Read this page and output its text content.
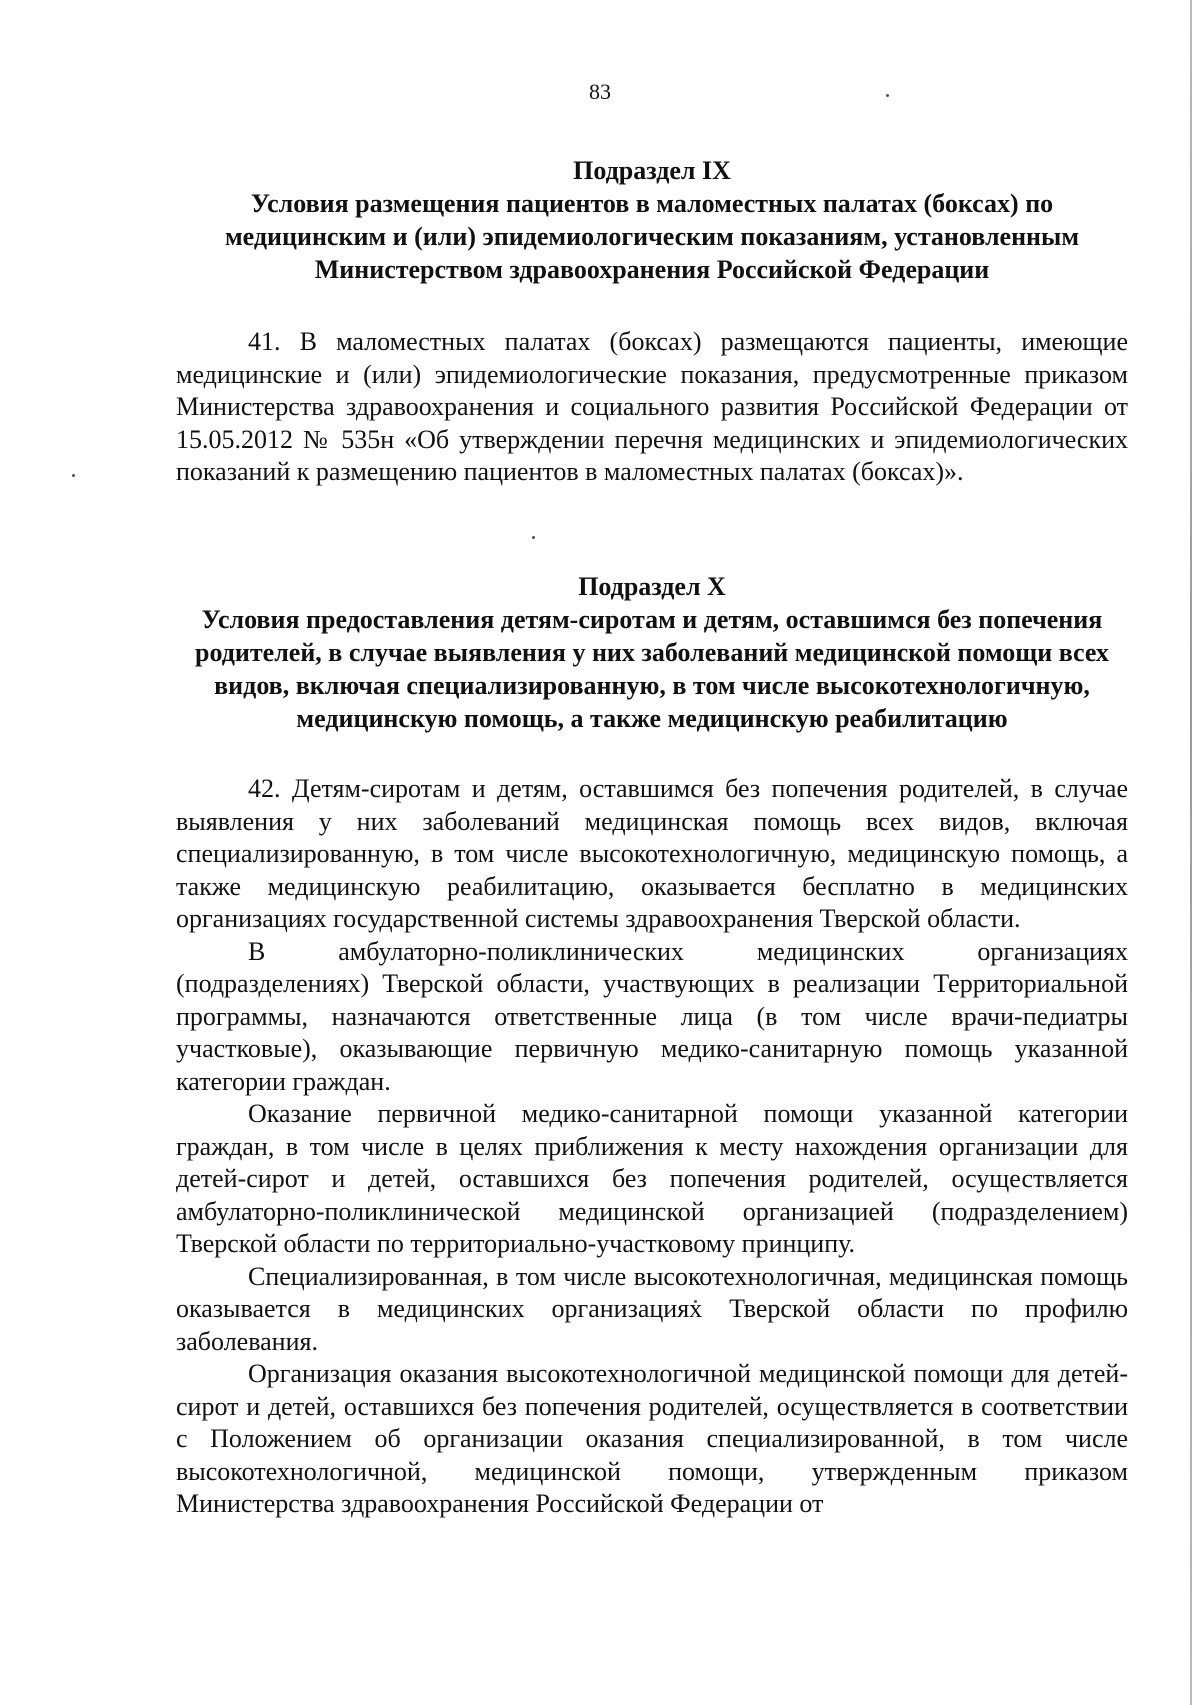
83
Подраздел IX
Условия размещения пациентов в маломестных палатах (боксах) по
медицинским и (или) эпидемиологическим показаниям, установленным
Министерством здравоохранения Российской Федерации

41. В маломестных палатах (боксах) размещаются пациенты, имеющие медицинские и (или) эпидемиологические показания, предусмотренные приказом Министерства здравоохранения и социального развития Российской Федерации от 15.05.2012 № 535н «Об утверждении перечня медицинских и эпидемиологических показаний к размещению пациентов в маломестных палатах (боксах)».

Подраздел X
Условия предоставления детям-сиротам и детям, оставшимся без попечения
родителей, в случае выявления у них заболеваний медицинской помощи всех
видов, включая специализированную, в том числе высокотехнологичную,
медицинскую помощь, а также медицинскую реабилитацию

42. Детям-сиротам и детям, оставшимся без попечения родителей, в случае выявления у них заболеваний медицинская помощь всех видов, включая специализированную, в том числе высокотехнологичную, медицинскую помощь, а также медицинскую реабилитацию, оказывается бесплатно в медицинских организациях государственной системы здравоохранения Тверской области.

В амбулаторно-поликлинических медицинских организациях (подразделениях) Тверской области, участвующих в реализации Территориальной программы, назначаются ответственные лица (в том числе врачи-педиатры участковые), оказывающие первичную медико-санитарную помощь указанной категории граждан.

Оказание первичной медико-санитарной помощи указанной категории граждан, в том числе в целях приближения к месту нахождения организации для детей-сирот и детей, оставшихся без попечения родителей, осуществляется амбулаторно-поликлинической медицинской организацией (подразделением) Тверской области по территориально-участковому принципу.

Специализированная, в том числе высокотехнологичная, медицинская помощь оказывается в медицинских организациях Тверской области по профилю заболевания.

Организация оказания высокотехнологичной медицинской помощи для детей-сирот и детей, оставшихся без попечения родителей, осуществляется в соответствии с Положением об организации оказания специализированной, в том числе высокотехнологичной, медицинской помощи, утвержденным приказом Министерства здравоохранения Российской Федерации от
